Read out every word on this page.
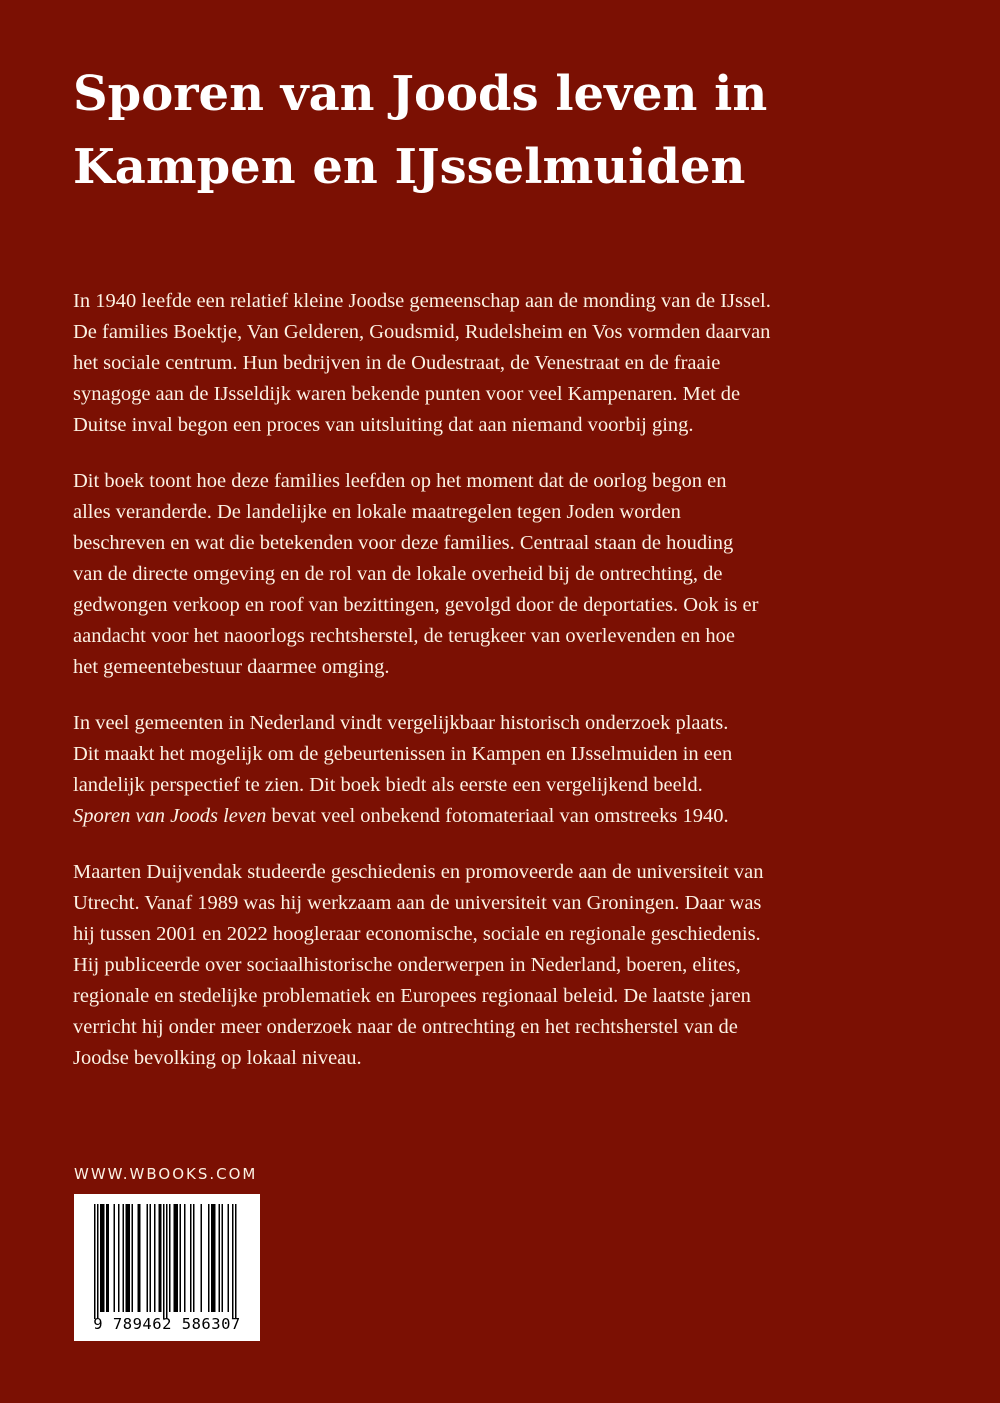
Sporen van Joods leven in
Kampen en IJsselmuiden

In 1940 leefde een relatief kleine Joodse gemeenschap aan de monding van de IJssel.
De families Boektje, Van Gelderen, Goudsmid, Rudelsheim en Vos vormden daarvan
het sociale centrum. Hun bedrijven in de Oudestraat, de Venestraat en de fraaie
synagoge aan de IJsseldijk waren bekende punten voor veel Kampenaren. Met de
Duitse inval begon een proces van uitsluiting dat aan niemand voorbij ging.

Dit boek toont hoe deze families leefden op het moment dat de oorlog begon en
alles veranderde. De landelijke en lokale maatregelen tegen Joden worden
beschreven en wat die betekenden voor deze families. Centraal staan de houding
van de directe omgeving en de rol van de lokale overheid bij de ontrechting, de
gedwongen verkoop en roof van bezittingen, gevolgd door de deportaties. Ook is er
aandacht voor het naoorlogs rechtsherstel, de terugkeer van overlevenden en hoe
het gemeentebestuur daarmee omging.

In veel gemeenten in Nederland vindt vergelijkbaar historisch onderzoek plaats.
Dit maakt het mogelijk om de gebeurtenissen in Kampen en IJsselmuiden in een
landelijk perspectief te zien. Dit boek biedt als eerste een vergelijkend beeld.
Sporen van Joods leven bevat veel onbekend fotomateriaal van omstreeks 1940.

Maarten Duijvendak studeerde geschiedenis en promoveerde aan de universiteit van
Utrecht. Vanaf 1989 was hij werkzaam aan de universiteit van Groningen. Daar was
hij tussen 2001 en 2022 hoogleraar economische, sociale en regionale geschiedenis.
Hij publiceerde over sociaalhistorische onderwerpen in Nederland, boeren, elites,
regionale en stedelijke problematiek en Europees regionaal beleid. De laatste jaren
verricht hij onder meer onderzoek naar de ontrechting en het rechtsherstel van de
Joodse bevolking op lokaal niveau.

WWW.WBOOKS.COM
9 789462 586307
